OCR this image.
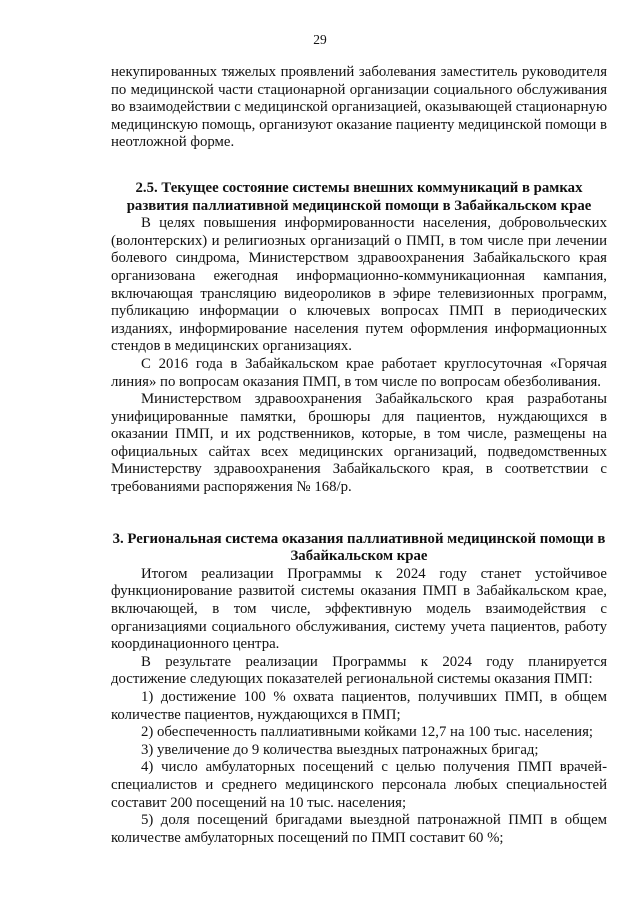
29

некупированных тяжелых проявлений заболевания заместитель руководителя по медицинской части стационарной организации социального обслуживания во взаимодействии с медицинской организацией, оказывающей стационарную медицинскую помощь, организуют оказание пациенту медицинской помощи в неотложной форме.

2.5. Текущее состояние системы внешних коммуникаций в рамках развития паллиативной медицинской помощи в Забайкальском крае

В целях повышения информированности населения, добровольческих (волонтерских) и религиозных организаций о ПМП, в том числе при лечении болевого синдрома, Министерством здравоохранения Забайкальского края организована ежегодная информационно-коммуникационная кампания, включающая трансляцию видеороликов в эфире телевизионных программ, публикацию информации о ключевых вопросах ПМП в периодических изданиях, информирование населения путем оформления информационных стендов в медицинских организациях.

С 2016 года в Забайкальском крае работает круглосуточная «Горячая линия» по вопросам оказания ПМП, в том числе по вопросам обезболивания.

Министерством здравоохранения Забайкальского края разработаны унифицированные памятки, брошюры для пациентов, нуждающихся в оказании ПМП, и их родственников, которые, в том числе, размещены на официальных сайтах всех медицинских организаций, подведомственных Министерству здравоохранения Забайкальского края, в соответствии с требованиями распоряжения № 168/р.

3. Региональная система оказания паллиативной медицинской помощи в Забайкальском крае

Итогом реализации Программы к 2024 году станет устойчивое функционирование развитой системы оказания ПМП в Забайкальском крае, включающей, в том числе, эффективную модель взаимодействия с организациями социального обслуживания, систему учета пациентов, работу координационного центра.

В результате реализации Программы к 2024 году планируется достижение следующих показателей региональной системы оказания ПМП:

1) достижение 100 % охвата пациентов, получивших ПМП, в общем количестве пациентов, нуждающихся в ПМП;

2) обеспеченность паллиативными койками 12,7 на 100 тыс. населения;

3) увеличение до 9 количества выездных патронажных бригад;

4) число амбулаторных посещений с целью получения ПМП врачей-специалистов и среднего медицинского персонала любых специальностей составит 200 посещений на 10 тыс. населения;

5) доля посещений бригадами выездной патронажной ПМП в общем количестве амбулаторных посещений по ПМП составит 60 %;
